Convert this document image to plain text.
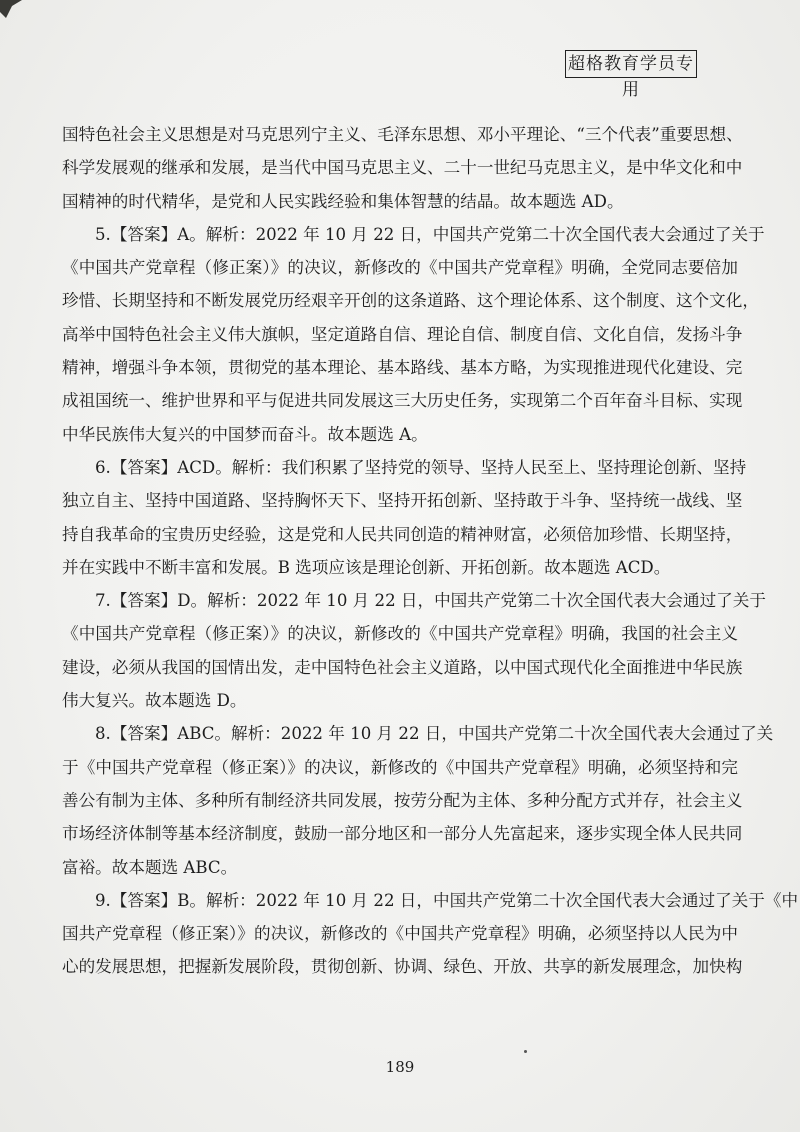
超格教育学员专用
国特色社会主义思想是对马克思列宁主义、毛泽东思想、邓小平理论、“三个代表”重要思想、
科学发展观的继承和发展，是当代中国马克思主义、二十一世纪马克思主义，是中华文化和中
国精神的时代精华，是党和人民实践经验和集体智慧的结晶。故本题选 AD。
5.【答案】A。解析：2022 年 10 月 22 日，中国共产党第二十次全国代表大会通过了关于
《中国共产党章程（修正案）》的决议，新修改的《中国共产党章程》明确，全党同志要倍加
珍惜、长期坚持和不断发展党历经艰辛开创的这条道路、这个理论体系、这个制度、这个文化，
高举中国特色社会主义伟大旗帜，坚定道路自信、理论自信、制度自信、文化自信，发扬斗争
精神，增强斗争本领，贯彻党的基本理论、基本路线、基本方略，为实现推进现代化建设、完
成祖国统一、维护世界和平与促进共同发展这三大历史任务，实现第二个百年奋斗目标、实现
中华民族伟大复兴的中国梦而奋斗。故本题选 A。
6.【答案】ACD。解析：我们积累了坚持党的领导、坚持人民至上、坚持理论创新、坚持
独立自主、坚持中国道路、坚持胸怀天下、坚持开拓创新、坚持敢于斗争、坚持统一战线、坚
持自我革命的宝贵历史经验，这是党和人民共同创造的精神财富，必须倍加珍惜、长期坚持，
并在实践中不断丰富和发展。B 选项应该是理论创新、开拓创新。故本题选 ACD。
7.【答案】D。解析：2022 年 10 月 22 日，中国共产党第二十次全国代表大会通过了关于
《中国共产党章程（修正案）》的决议，新修改的《中国共产党章程》明确，我国的社会主义
建设，必须从我国的国情出发，走中国特色社会主义道路，以中国式现代化全面推进中华民族
伟大复兴。故本题选 D。
8.【答案】ABC。解析：2022 年 10 月 22 日，中国共产党第二十次全国代表大会通过了关
于《中国共产党章程（修正案）》的决议，新修改的《中国共产党章程》明确，必须坚持和完
善公有制为主体、多种所有制经济共同发展，按劳分配为主体、多种分配方式并存，社会主义
市场经济体制等基本经济制度，鼓励一部分地区和一部分人先富起来，逐步实现全体人民共同
富裕。故本题选 ABC。
9.【答案】B。解析：2022 年 10 月 22 日，中国共产党第二十次全国代表大会通过了关于《中
国共产党章程（修正案）》的决议，新修改的《中国共产党章程》明确，必须坚持以人民为中
心的发展思想，把握新发展阶段，贯彻创新、协调、绿色、开放、共享的新发展理念，加快构
189
